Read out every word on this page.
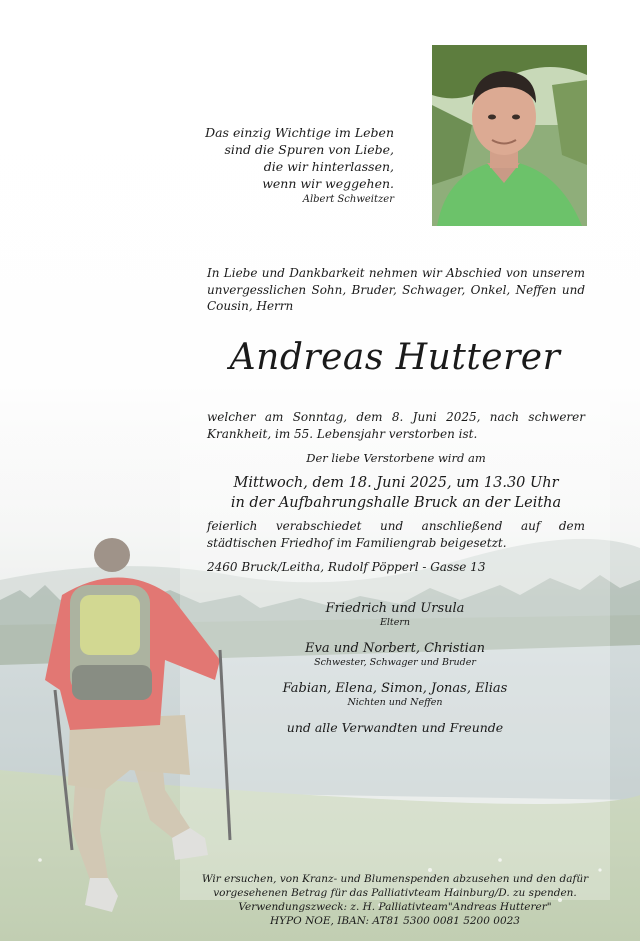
Das einzig Wichtige im Leben
sind die Spuren von Liebe,
die wir hinterlassen,
wenn wir weggehen.
Albert Schweitzer
In Liebe und Dankbarkeit nehmen wir Abschied von unserem unvergesslichen Sohn, Bruder, Schwager, Onkel, Neffen und Cousin, Herrn
Andreas Hutterer
welcher am Sonntag, dem 8. Juni 2025, nach schwerer Krankheit, im 55. Lebensjahr verstorben ist.
Der liebe Verstorbene wird am
Mittwoch, dem 18. Juni 2025, um 13.30 Uhr
in der Aufbahrungshalle Bruck an der Leitha
feierlich verabschiedet und anschließend auf dem städtischen Friedhof im Familiengrab beigesetzt.
2460 Bruck/Leitha, Rudolf Pöpperl - Gasse 13
Friedrich und Ursula
Eltern
Eva und Norbert, Christian
Schwester, Schwager und Bruder
Fabian, Elena, Simon, Jonas, Elias
Nichten und Neffen
und alle Verwandten und Freunde
Wir ersuchen, von Kranz- und Blumenspenden abzusehen und den dafür
vorgesehenen Betrag für das Palliativteam Hainburg/D. zu spenden.
Verwendungszweck: z. H. Palliativteam"Andreas Hutterer"
HYPO NOE, IBAN: AT81 5300 0081 5200 0023
